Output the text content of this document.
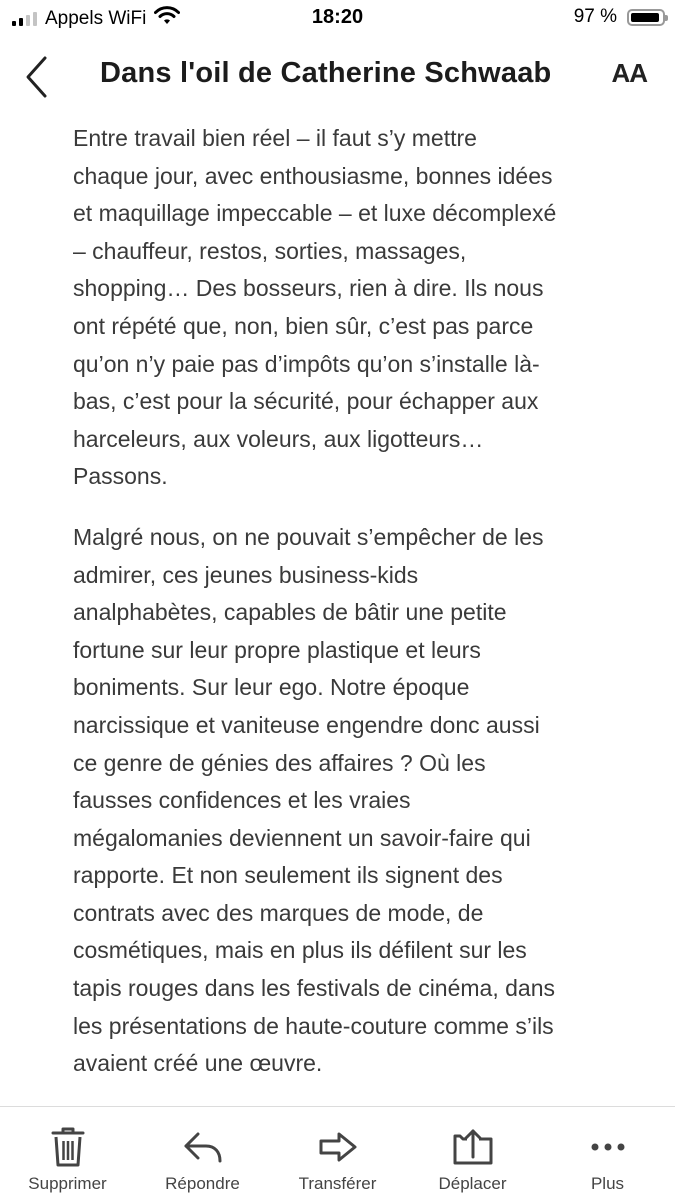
Appels WiFi	18:20	97 %
Dans l'oil de Catherine Schwaab AA

Entre travail bien réel – il faut s’y mettre
chaque jour, avec enthousiasme, bonnes idées
et maquillage impeccable – et luxe décomplexé
– chauffeur, restos, sorties, massages,
shopping… Des bosseurs, rien à dire. Ils nous
ont répété que, non, bien sûr, c’est pas parce
qu’on n’y paie pas d’impôts qu’on s’installe là-
bas, c’est pour la sécurité, pour échapper aux
harceleurs, aux voleurs, aux ligotteurs…
Passons.

Malgré nous, on ne pouvait s’empêcher de les
admirer, ces jeunes business-kids
analphabètes, capables de bâtir une petite
fortune sur leur propre plastique et leurs
boniments. Sur leur ego. Notre époque
narcissique et vaniteuse engendre donc aussi
ce genre de génies des affaires ? Où les
fausses confidences et les vraies
mégalomanies deviennent un savoir-faire qui
rapporte. Et non seulement ils signent des
contrats avec des marques de mode, de
cosmétiques, mais en plus ils défilent sur les
tapis rouges dans les festivals de cinéma, dans
les présentations de haute-couture comme s’ils
avaient créé une œuvre.

Supprimer	Répondre	Transférer	Déplacer	Plus
